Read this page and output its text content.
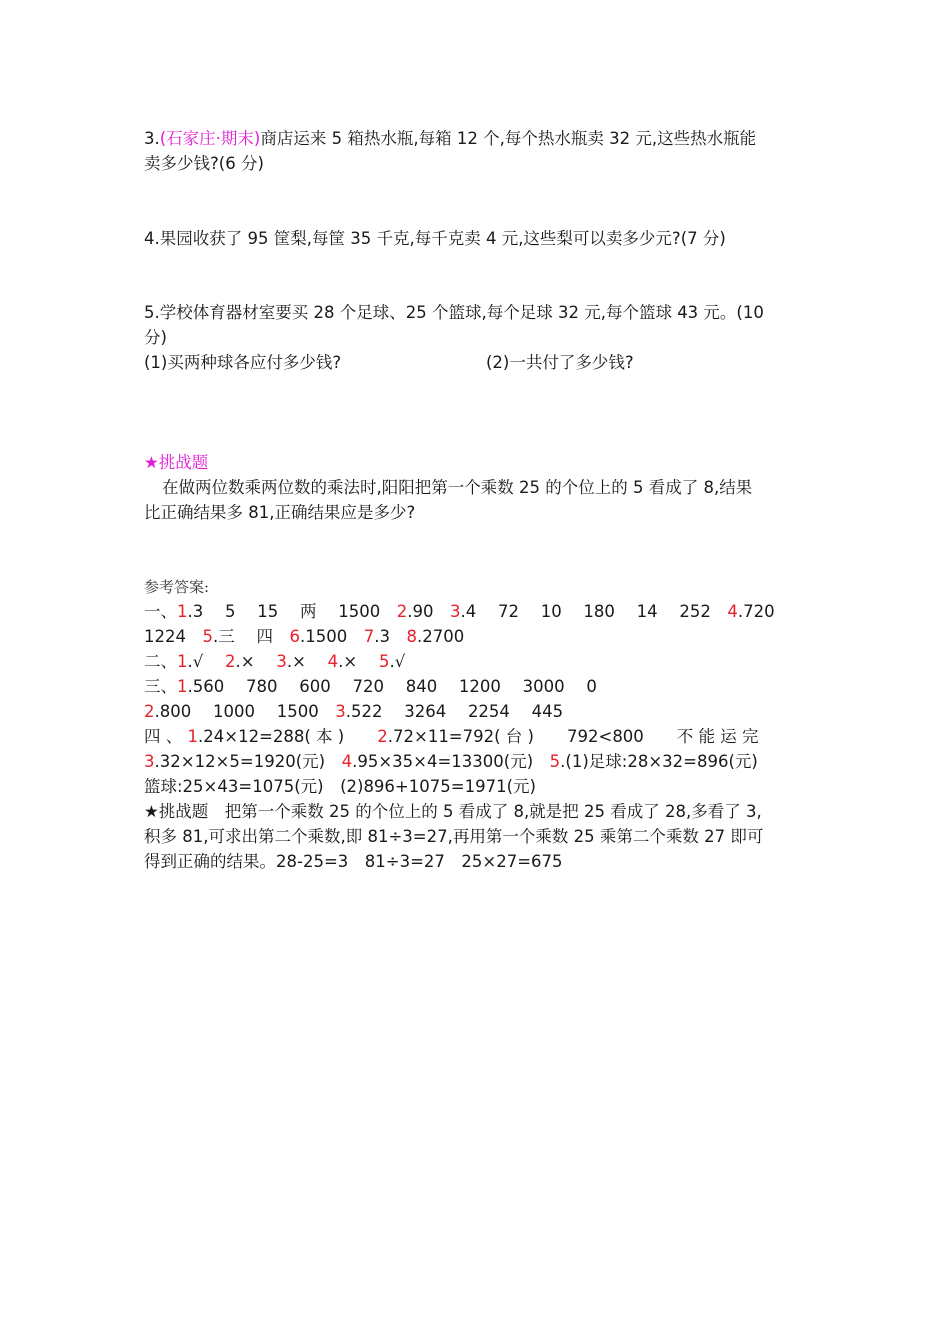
3.(石家庄·期末)商店运来 5 箱热水瓶,每箱 12 个,每个热水瓶卖 32 元,这些热水瓶能
卖多少钱?(6 分)
4.果园收获了 95 筐梨,每筐 35 千克,每千克卖 4 元,这些梨可以卖多少元?(7 分)
5.学校体育器材室要买 28 个足球、25 个篮球,每个足球 32 元,每个篮球 43 元。(10
分)
(1)买两种球各应付多少钱?	(2)一共付了多少钱?
★挑战题
在做两位数乘两位数的乘法时,阳阳把第一个乘数 25 的个位上的 5 看成了 8,结果
比正确结果多 81,正确结果应是多少?
参考答案:
一、1.3　 5　 15　 两　 1500　2.90　3.4　 72　 10　 180　 14　 252　4.720
1224　5.三　 四　6.1500　7.3　8.2700
二、1.√　 2.×　 3.×　 4.×　 5.√
三、1.560　 780　 600　 720　 840　 1200　 3000　 0
2.800　 1000　 1500　3.522　 3264　 2254　 445
四 、 1.24×12=288( 本 )　　2.72×11=792( 台 )　　792<800　　不 能 运 完
3.32×12×5=1920(元)　4.95×35×4=13300(元)　5.(1)足球:28×32=896(元)
篮球:25×43=1075(元)　(2)896+1075=1971(元)
★挑战题　把第一个乘数 25 的个位上的 5 看成了 8,就是把 25 看成了 28,多看了 3,
积多 81,可求出第二个乘数,即 81÷3=27,再用第一个乘数 25 乘第二个乘数 27 即可
得到正确的结果。28-25=3　81÷3=27　25×27=675
